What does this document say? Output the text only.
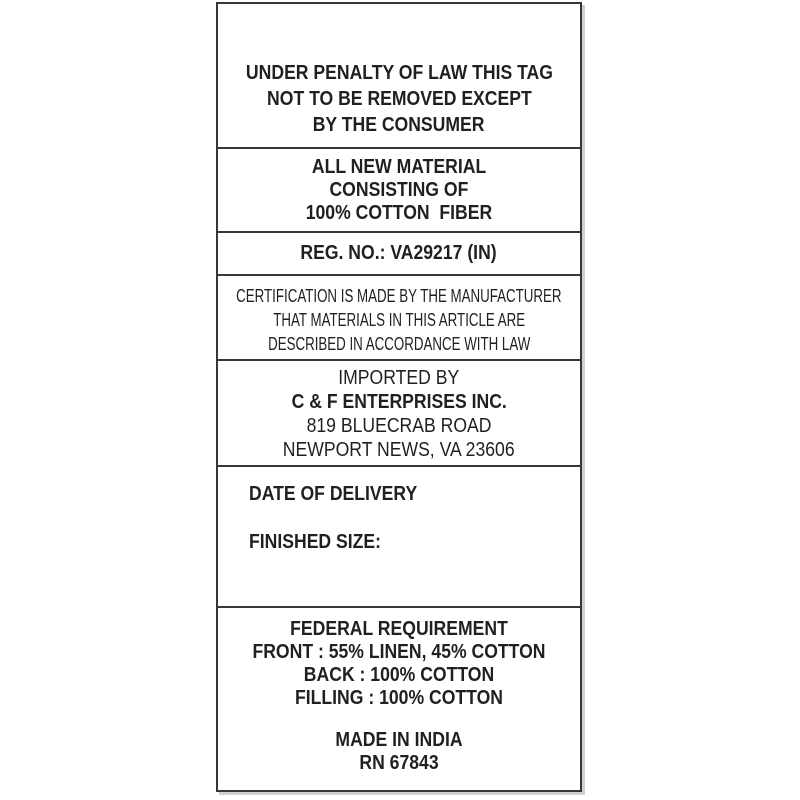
UNDER PENALTY OF LAW THIS TAG
NOT TO BE REMOVED EXCEPT
BY THE CONSUMER
ALL NEW MATERIAL
CONSISTING OF
100% COTTON  FIBER
REG. NO.: VA29217 (IN)
CERTIFICATION IS MADE BY THE MANUFACTURER
THAT MATERIALS IN THIS ARTICLE ARE
DESCRIBED IN ACCORDANCE WITH LAW
IMPORTED BY
C & F ENTERPRISES INC.
819 BLUECRAB ROAD
NEWPORT NEWS, VA 23606
DATE OF DELIVERY
FINISHED SIZE:
FEDERAL REQUIREMENT
FRONT : 55% LINEN, 45% COTTON
BACK : 100% COTTON
FILLING : 100% COTTON
MADE IN INDIA
RN 67843
